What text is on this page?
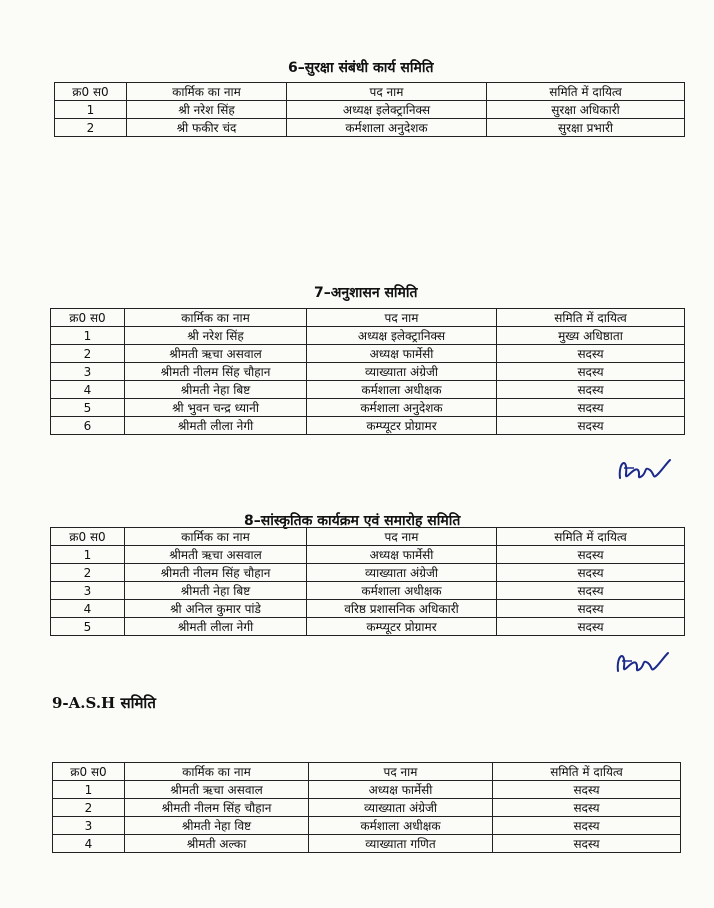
6–सुरक्षा संबंधी कार्य समिति
क्र0 स0	कार्मिक का नाम	पद नाम	समिति में दायित्व
1	श्री नरेश सिंह	अध्यक्ष इलेक्ट्रानिक्स	सुरक्षा अधिकारी
2	श्री फकीर चंद	कर्मशाला अनुदेशक	सुरक्षा प्रभारी
7–अनुशासन समिति
क्र0 स0	कार्मिक का नाम	पद नाम	समिति में दायित्व
1	श्री नरेश सिंह	अध्यक्ष इलेक्ट्रानिक्स	मुख्य अधिष्ठाता
2	श्रीमती ऋचा असवाल	अध्यक्ष फार्मेसी	सदस्य
3	श्रीमती नीलम सिंह चौहान	व्याख्याता अंग्रेजी	सदस्य
4	श्रीमती नेहा बिष्ट	कर्मशाला अधीक्षक	सदस्य
5	श्री भुवन चन्द्र ध्यानी	कर्मशाला अनुदेशक	सदस्य
6	श्रीमती लीला नेगी	कम्प्यूटर प्रोग्रामर	सदस्य
8–सांस्कृतिक कार्यक्रम एवं समारोह समिति
क्र0 स0	कार्मिक का नाम	पद नाम	समिति में दायित्व
1	श्रीमती ऋचा असवाल	अध्यक्ष फार्मेसी	सदस्य
2	श्रीमती नीलम सिंह चौहान	व्याख्याता अंग्रेजी	सदस्य
3	श्रीमती नेहा बिष्ट	कर्मशाला अधीक्षक	सदस्य
4	श्री अनिल कुमार पांडे	वरिष्ठ प्रशासनिक अधिकारी	सदस्य
5	श्रीमती लीला नेगी	कम्प्यूटर प्रोग्रामर	सदस्य
9-A.S.H समिति
क्र0 स0	कार्मिक का नाम	पद नाम	समिति में दायित्व
1	श्रीमती ऋचा असवाल	अध्यक्ष फार्मेसी	सदस्य
2	श्रीमती नीलम सिंह चौहान	व्याख्याता अंग्रेजी	सदस्य
3	श्रीमती नेहा विष्ट	कर्मशाला अधीक्षक	सदस्य
4	श्रीमती अल्का	व्याख्याता गणित	सदस्य
